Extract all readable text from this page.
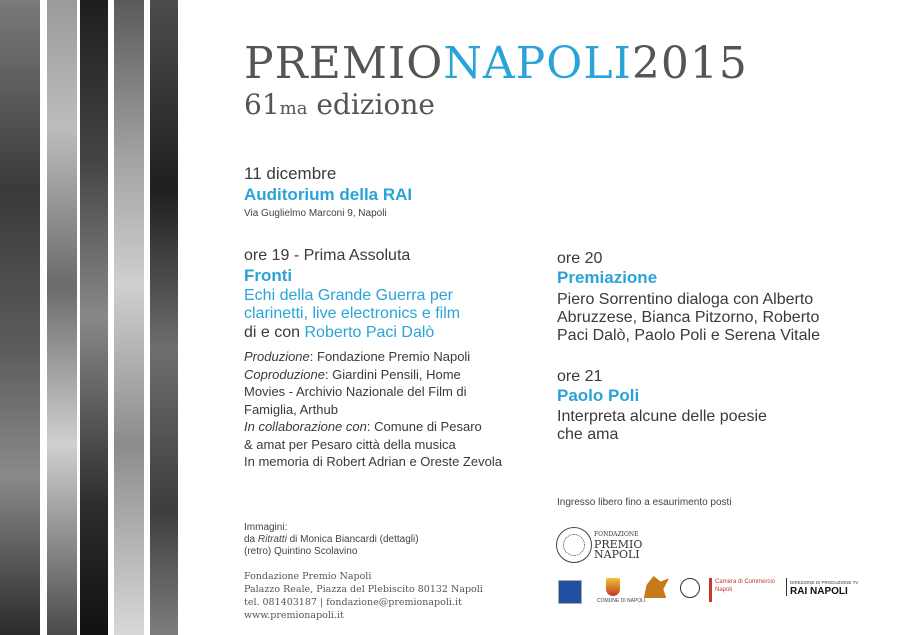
PREMIONAPOLI2015
61ma edizione
11 dicembre
Auditorium della RAI
Via Guglielmo Marconi 9, Napoli
ore 19 - Prima Assoluta
Fronti
Echi della Grande Guerra per
clarinetti, live electronics e film
di e con Roberto Paci Dalò
Produzione: Fondazione Premio Napoli
Coproduzione: Giardini Pensili, Home
Movies - Archivio Nazionale del Film di
Famiglia, Arthub
In collaborazione con: Comune di Pesaro
& amat per Pesaro città della musica
In memoria di Robert Adrian e Oreste Zevola
ore 20
Premiazione
Piero Sorrentino dialoga con Alberto
Abruzzese, Bianca Pitzorno, Roberto
Paci Dalò, Paolo Poli e Serena Vitale
ore 21
Paolo Poli
Interpreta alcune delle poesie
che ama
Ingresso libero fino a esaurimento posti
Immagini:
da Ritratti di Monica Biancardi (dettagli)
(retro) Quintino Scolavino
Fondazione Premio Napoli
Palazzo Reale, Piazza del Plebiscito 80132 Napoli
tel. 081403187 | fondazione@premionapoli.it
www.premionapoli.it
FONDAZIONE
PREMIO
NAPOLI
COMUNE DI NAPOLI
Camera di Commercio
Napoli
DIREZIONE DI PRODUZIONE TV
RAI NAPOLI
